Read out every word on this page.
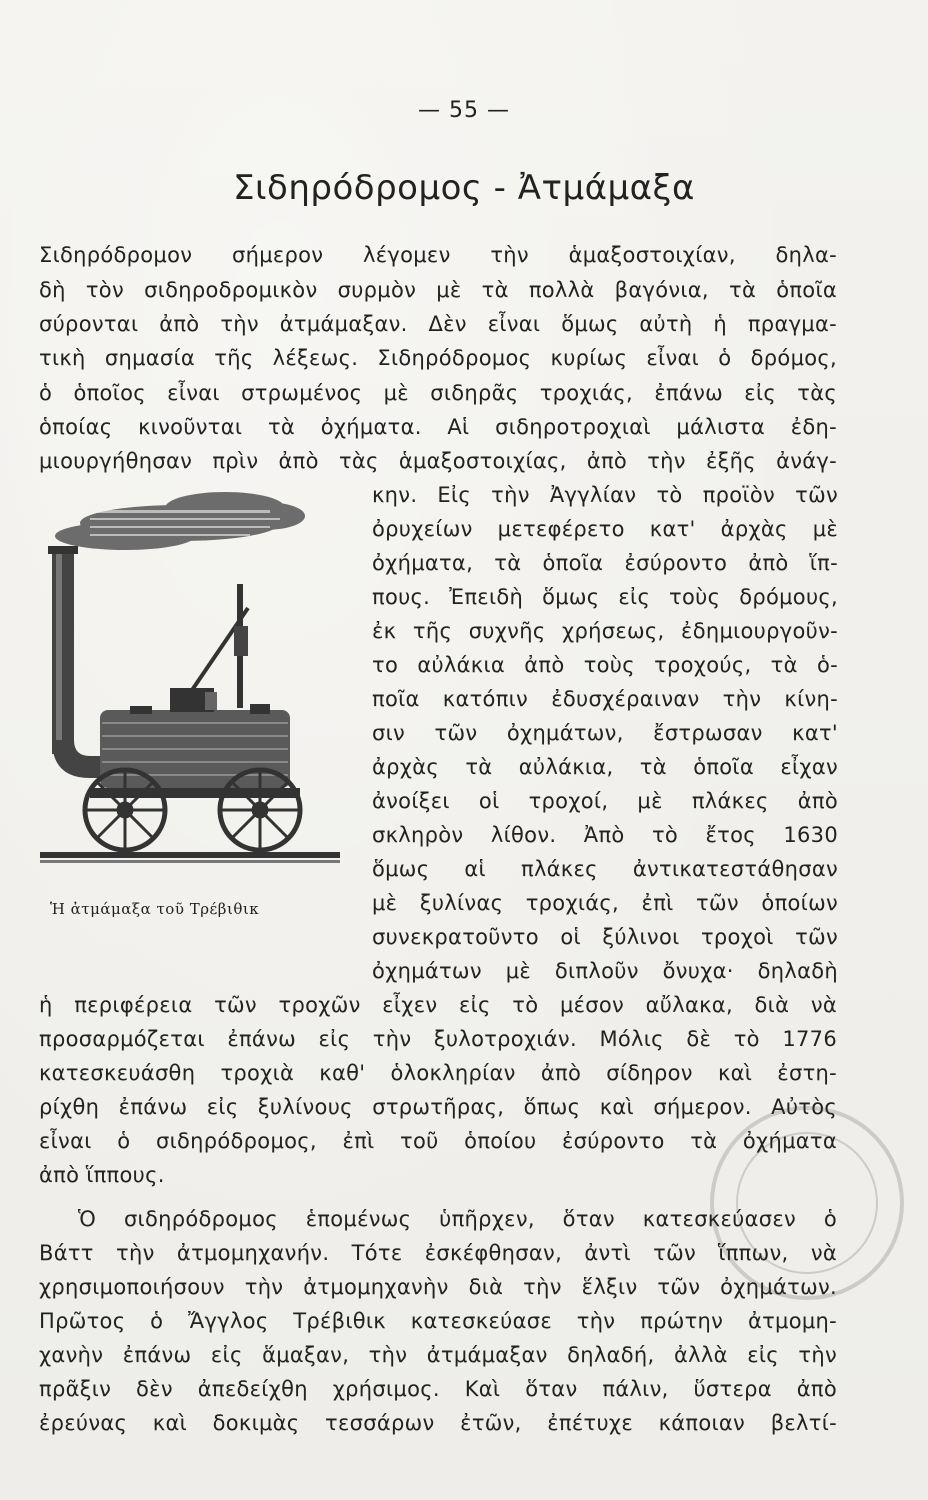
— 55 —
Σιδηρόδρομος - Ἀτμάμαξα
Σιδηρόδρομον σήμερον λέγομεν τὴν ἁμαξοστοιχίαν, δηλα-
δὴ τὸν σιδηροδρομικὸν συρμὸν μὲ τὰ πολλὰ βαγόνια, τὰ ὁποῖα
σύρονται ἀπὸ τὴν ἀτμάμαξαν. Δὲν εἶναι ὅμως αὐτὴ ἡ πραγμα-
τικὴ σημασία τῆς λέξεως. Σιδηρόδρομος κυρίως εἶναι ὁ δρόμος,
ὁ ὁποῖος εἶναι στρωμένος μὲ σιδηρᾶς τροχιάς, ἐπάνω εἰς τὰς
ὁποίας κινοῦνται τὰ ὀχήματα. Αἱ σιδηροτροχιαὶ μάλιστα ἐδη-
μιουργήθησαν πρὶν ἀπὸ τὰς ἁμαξοστοιχίας, ἀπὸ τὴν ἐξῆς ἀνάγ-
κην. Εἰς τὴν Ἀγγλίαν τὸ προϊὸν τῶν
ὀρυχείων μετεφέρετο κατ' ἀρχὰς μὲ
ὀχήματα, τὰ ὁποῖα ἐσύροντο ἀπὸ ἵπ-
πους. Ἐπειδὴ ὅμως εἰς τοὺς δρόμους,
ἐκ τῆς συχνῆς χρήσεως, ἐδημιουργοῦν-
το αὐλάκια ἀπὸ τοὺς τροχούς, τὰ ὁ-
ποῖα κατόπιν ἐδυσχέραιναν τὴν κίνη-
σιν τῶν ὀχημάτων, ἔστρωσαν κατ'
ἀρχὰς τὰ αὐλάκια, τὰ ὁποῖα εἶχαν
ἀνοίξει οἱ τροχοί, μὲ πλάκες ἀπὸ
σκληρὸν λίθον. Ἀπὸ τὸ ἔτος 1630
ὅμως αἱ πλάκες ἀντικατεστάθησαν
μὲ ξυλίνας τροχιάς, ἐπὶ τῶν ὁποίων
συνεκρατοῦντο οἱ ξύλινοι τροχοὶ τῶν
ὀχημάτων μὲ διπλοῦν ὄνυχα· δηλαδὴ
ἡ περιφέρεια τῶν τροχῶν εἶχεν εἰς τὸ μέσον αὔλακα, διὰ νὰ
προσαρμόζεται ἐπάνω εἰς τὴν ξυλοτροχιάν. Μόλις δὲ τὸ 1776
κατεσκευάσθη τροχιὰ καθ' ὁλοκληρίαν ἀπὸ σίδηρον καὶ ἐστη-
ρίχθη ἐπάνω εἰς ξυλίνους στρωτῆρας, ὅπως καὶ σήμερον. Αὐτὸς
εἶναι ὁ σιδηρόδρομος, ἐπὶ τοῦ ὁποίου ἐσύροντο τὰ ὀχήματα
ἀπὸ ἵππους.
Ὁ σιδηρόδρομος ἑπομένως ὑπῆρχεν, ὅταν κατεσκεύασεν ὁ
Βάττ τὴν ἀτμομηχανήν. Τότε ἐσκέφθησαν, ἀντὶ τῶν ἵππων, νὰ
χρησιμοποιήσουν τὴν ἀτμομηχανὴν διὰ τὴν ἕλξιν τῶν ὀχημάτων.
Πρῶτος ὁ Ἄγγλος Τρέβιθικ κατεσκεύασε τὴν πρώτην ἀτμομη-
χανὴν ἐπάνω εἰς ἅμαξαν, τὴν ἀτμάμαξαν δηλαδή, ἀλλὰ εἰς τὴν
πρᾶξιν δὲν ἀπεδείχθη χρήσιμος. Καὶ ὅταν πάλιν, ὕστερα ἀπὸ
ἐρεύνας καὶ δοκιμὰς τεσσάρων ἐτῶν, ἐπέτυχε κάποιαν βελτί-
Ἡ ἀτμάμαξα τοῦ Τρέβιθικ
